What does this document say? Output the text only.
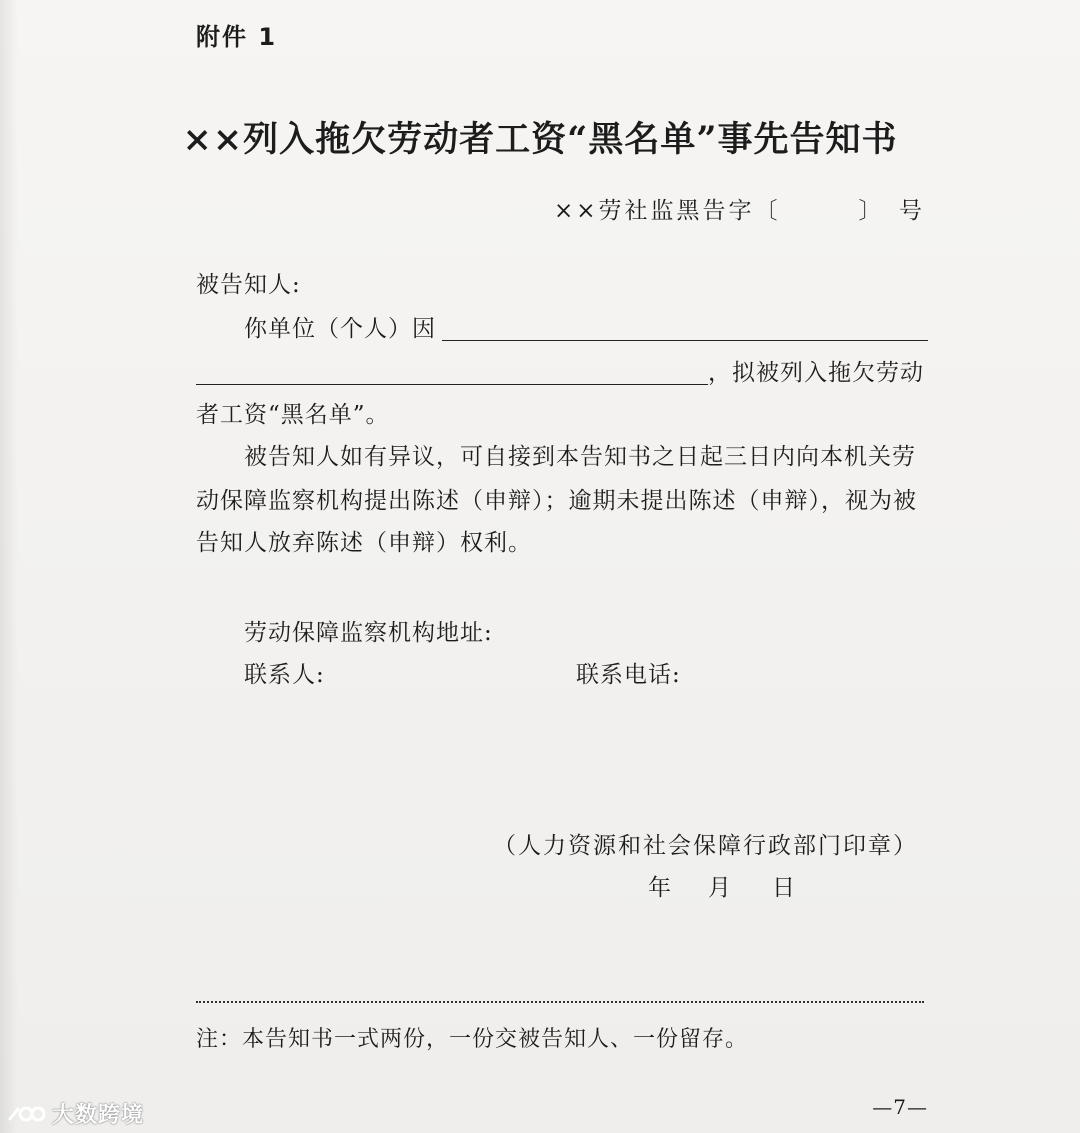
附件 1
××列入拖欠劳动者工资“黑名单”事先告知书
××劳社监黑告字〔　　　〕　号
被告知人:
你单位（个人）因
，拟被列入拖欠劳动
者工资“黑名单”。
被告知人如有异议，可自接到本告知书之日起三日内向本机关劳
动保障监察机构提出陈述（申辩）；逾期未提出陈述（申辩），视为被
告知人放弃陈述（申辩）权利。
劳动保障监察机构地址:
联系人:	联系电话:
（人力资源和社会保障行政部门印章）
年 月 日
注：本告知书一式两份，一份交被告知人、一份留存。
—7—
大数跨境
